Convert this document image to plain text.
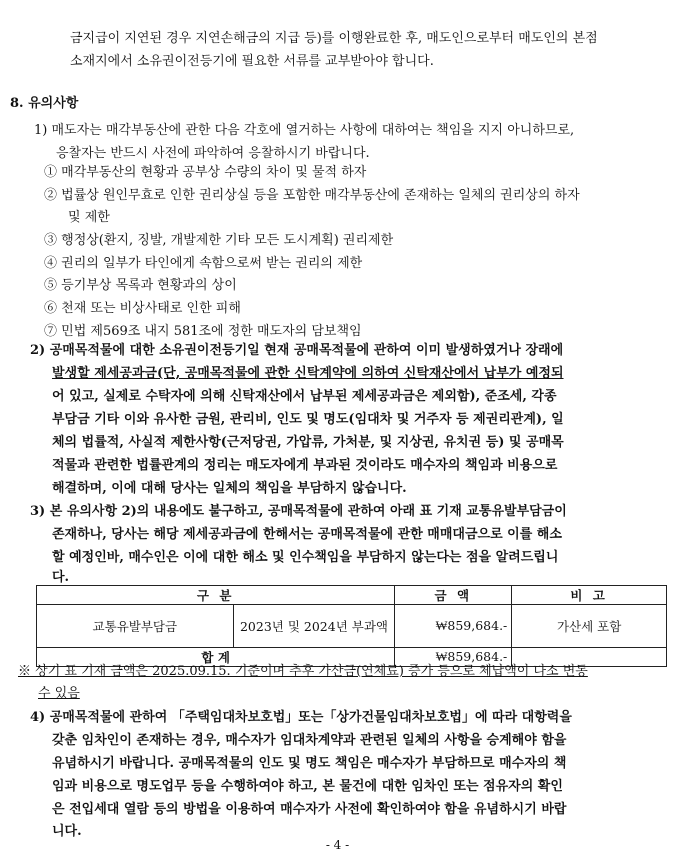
금지급이 지연된 경우 지연손해금의 지급 등)를 이행완료한 후, 매도인으로부터 매도인의 본점
소재지에서 소유권이전등기에 필요한 서류를 교부받아야 합니다.
8. 유의사항
1) 매도자는 매각부동산에 관한 다음 각호에 열거하는 사항에 대하여는 책임을 지지 아니하므로,
응찰자는 반드시 사전에 파악하여 응찰하시기 바랍니다.
① 매각부동산의 현황과 공부상 수량의 차이 및 물적 하자
② 법률상 원인무효로 인한 권리상실 등을 포함한 매각부동산에 존재하는 일체의 권리상의 하자
및 제한
③ 행정상(환지, 징발, 개발제한 기타 모든 도시계획) 권리제한
④ 권리의 일부가 타인에게 속함으로써 받는 권리의 제한
⑤ 등기부상 목록과 현황과의 상이
⑥ 천재 또는 비상사태로 인한 피해
⑦ 민법 제569조 내지 581조에 정한 매도자의 담보책임
2) 공매목적물에 대한 소유권이전등기일 현재 공매목적물에 관하여 이미 발생하였거나 장래에
발생할 제세공과금(단, 공매목적물에 관한 신탁계약에 의하여 신탁재산에서 납부가 예정되
어 있고, 실제로 수탁자에 의해 신탁재산에서 납부된 제세공과금은 제외함), 준조세, 각종
부담금 기타 이와 유사한 금원, 관리비, 인도 및 명도(임대차 및 거주자 등 제권리관계), 일
체의 법률적, 사실적 제한사항(근저당권, 가압류, 가처분, 및 지상권, 유치권 등) 및 공매목
적물과 관련한 법률관계의 정리는 매도자에게 부과된 것이라도 매수자의 책임과 비용으로
해결하며, 이에 대해 당사는 일체의 책임을 부담하지 않습니다.
3) 본 유의사항 2)의 내용에도 불구하고, 공매목적물에 관하여 아래 표 기재 교통유발부담금이
존재하나, 당사는 해당 제세공과금에 한해서는 공매목적물에 관한 매매대금으로 이를 해소
할 예정인바, 매수인은 이에 대한 해소 및 인수책임을 부담하지 않는다는 점을 알려드립니
다.
구 분		금 액	비 고
교통유발부담금	2023년 및 2024년 부과액	₩859,684.-	가산세 포함
합 계		₩859,684.-	
※ 상기 표 기재 금액은 2025.09.15. 기준이며 추후 가산금(연체료) 증가 등으로 체납액이 다소 변동
수 있음
4) 공매목적물에 관하여 「주택임대차보호법」또는「상가건물임대차보호법」에 따라 대항력을
갖춘 임차인이 존재하는 경우, 매수자가 임대차계약과 관련된 일체의 사항을 승계해야 함을
유념하시기 바랍니다. 공매목적물의 인도 및 명도 책임은 매수자가 부담하므로 매수자의 책
임과 비용으로 명도업무 등을 수행하여야 하고, 본 물건에 대한 임차인 또는 점유자의 확인
은 전입세대 열람 등의 방법을 이용하여 매수자가 사전에 확인하여야 함을 유념하시기 바랍
니다.
- 4 -
